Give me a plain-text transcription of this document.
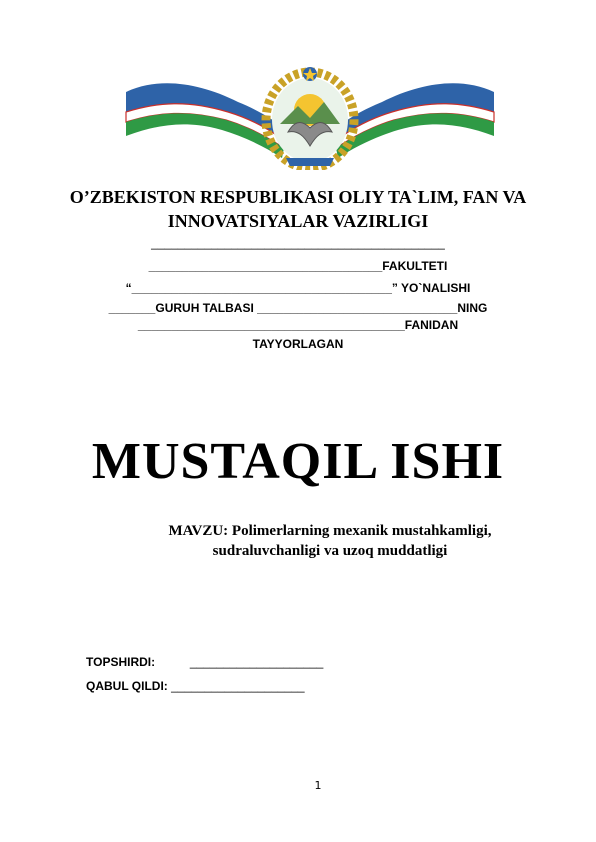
O’ZBEKISTON RESPUBLIKASI OLIY TA`LIM, FAN VA
INNOVATSIYALAR VAZIRLIGI
____________________________________________
___________________________________FAKULTETI
“_______________________________________” YO`NALISHI
_______GURUH TALBASI ______________________________NING
________________________________________FANIDAN
TAYYORLAGAN
MUSTAQIL ISHI
MAVZU: Polimerlarning mexanik mustahkamligi,
sudraluvchanligi va uzoq muddatligi
TOPSHIRDI:	____________________
QABUL QILDI: ____________________
1
